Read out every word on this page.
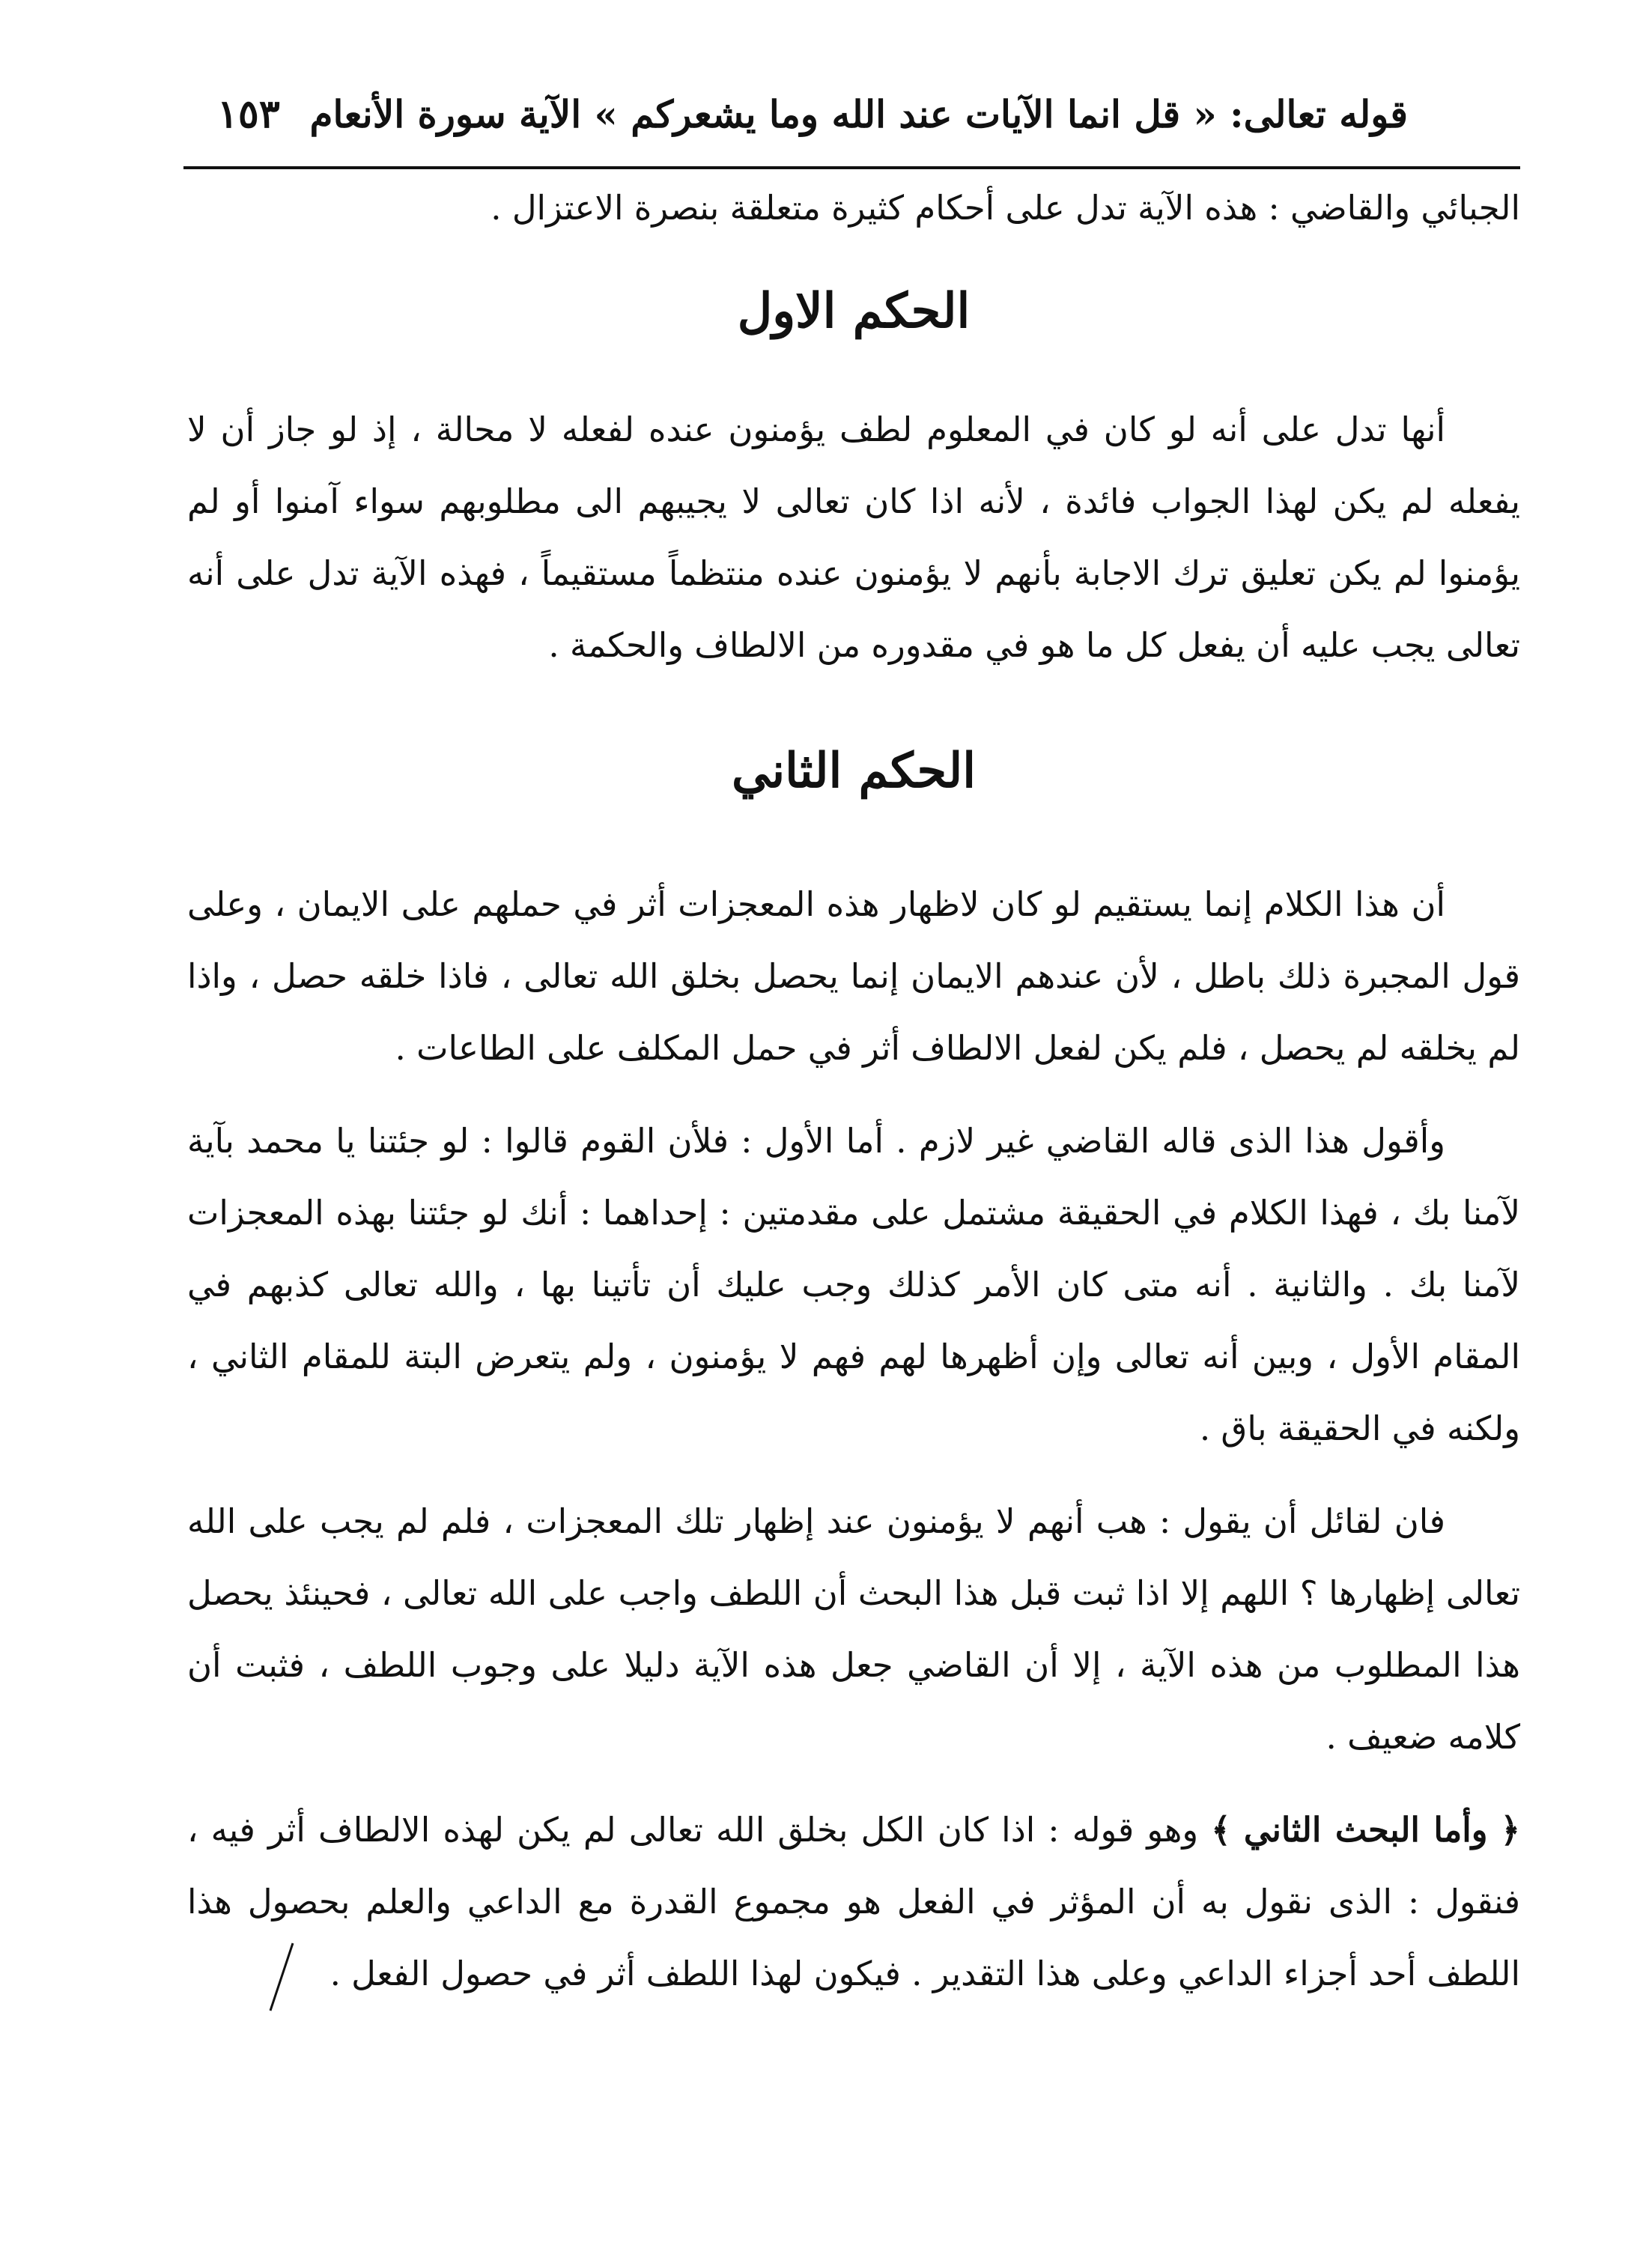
قوله تعالى: « قل انما الآيات عند الله وما يشعركم » الآية سورة الأنعام
١٥٣

الجبائي والقاضي : هذه الآية تدل على أحكام كثيرة متعلقة بنصرة الاعتزال .

الحكم الاول

أنها تدل على أنه لو كان في المعلوم لطف يؤمنون عنده لفعله لا محالة ، إذ لو جاز أن لا يفعله لم يكن لهذا الجواب فائدة ، لأنه اذا كان تعالى لا يجيبهم الى مطلوبهم سواء آمنوا أو لم يؤمنوا لم يكن تعليق ترك الاجابة بأنهم لا يؤمنون عنده منتظماً مستقيماً ، فهذه الآية تدل على أنه تعالى يجب عليه أن يفعل كل ما هو في مقدوره من الالطاف والحكمة .

الحكم الثاني

أن هذا الكلام إنما يستقيم لو كان لاظهار هذه المعجزات أثر في حملهم على الايمان ، وعلى قول المجبرة ذلك باطل ، لأن عندهم الايمان إنما يحصل بخلق الله تعالى ، فاذا خلقه حصل ، واذا لم يخلقه لم يحصل ، فلم يكن لفعل الالطاف أثر في حمل المكلف على الطاعات .

وأقول هذا الذى قاله القاضي غير لازم . أما الأول : فلأن القوم قالوا : لو جئتنا يا محمد بآية لآمنا بك ، فهذا الكلام في الحقيقة مشتمل على مقدمتين : إحداهما : أنك لو جئتنا بهذه المعجزات لآمنا بك . والثانية . أنه متى كان الأمر كذلك وجب عليك أن تأتينا بها ، والله تعالى كذبهم في المقام الأول ، وبين أنه تعالى وإن أظهرها لهم فهم لا يؤمنون ، ولم يتعرض البتة للمقام الثاني ، ولكنه في الحقيقة باق .

فان لقائل أن يقول : هب أنهم لا يؤمنون عند إظهار تلك المعجزات ، فلم لم يجب على الله تعالى إظهارها ؟ اللهم إلا اذا ثبت قبل هذا البحث أن اللطف واجب على الله تعالى ، فحينئذ يحصل هذا المطلوب من هذه الآية ، إلا أن القاضي جعل هذه الآية دليلا على وجوب اللطف ، فثبت أن كلامه ضعيف .

﴿ وأما البحث الثاني ﴾ وهو قوله : اذا كان الكل بخلق الله تعالى لم يكن لهذه الالطاف أثر فيه ، فنقول : الذى نقول به أن المؤثر في الفعل هو مجموع القدرة مع الداعي والعلم بحصول هذا اللطف أحد أجزاء الداعي وعلى هذا التقدير . فيكون لهذا اللطف أثر في حصول الفعل .
